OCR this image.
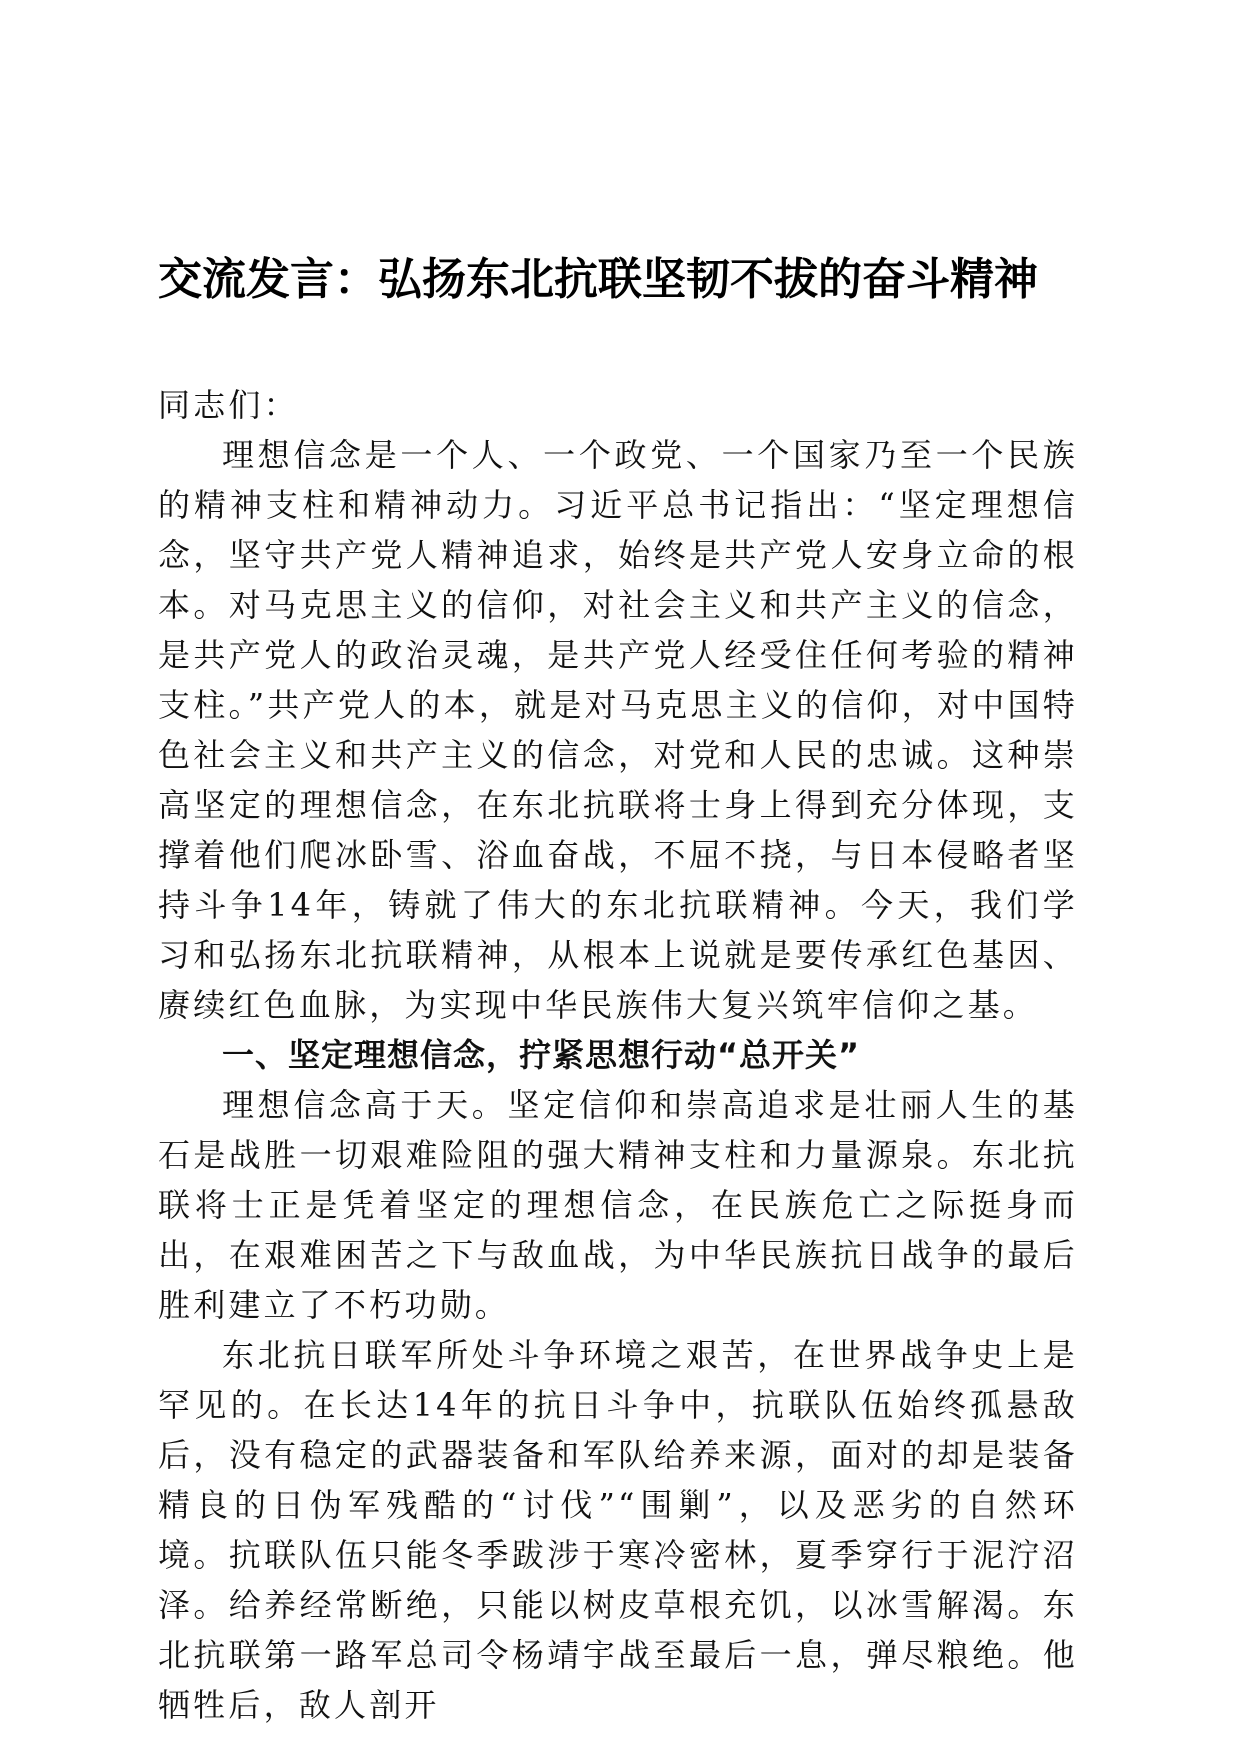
交流发言：弘扬东北抗联坚韧不拔的奋斗精神

同志们：

理想信念是一个人、一个政党、一个国家乃至一个民族的精神支柱和精神动力。习近平总书记指出：“坚定理想信念，坚守共产党人精神追求，始终是共产党人安身立命的根本。对马克思主义的信仰，对社会主义和共产主义的信念，是共产党人的政治灵魂，是共产党人经受住任何考验的精神支柱。”共产党人的本，就是对马克思主义的信仰，对中国特色社会主义和共产主义的信念，对党和人民的忠诚。这种崇高坚定的理想信念，在东北抗联将士身上得到充分体现，支撑着他们爬冰卧雪、浴血奋战，不屈不挠，与日本侵略者坚持斗争14年，铸就了伟大的东北抗联精神。今天，我们学习和弘扬东北抗联精神，从根本上说就是要传承红色基因、赓续红色血脉，为实现中华民族伟大复兴筑牢信仰之基。

一、坚定理想信念，拧紧思想行动“总开关”

理想信念高于天。坚定信仰和崇高追求是壮丽人生的基石是战胜一切艰难险阻的强大精神支柱和力量源泉。东北抗联将士正是凭着坚定的理想信念，在民族危亡之际挺身而出，在艰难困苦之下与敌血战，为中华民族抗日战争的最后胜利建立了不朽功勋。

东北抗日联军所处斗争环境之艰苦，在世界战争史上是罕见的。在长达14年的抗日斗争中，抗联队伍始终孤悬敌后，没有稳定的武器装备和军队给养来源，面对的却是装备精良的日伪军残酷的“讨伐”“围剿”，以及恶劣的自然环境。抗联队伍只能冬季跋涉于寒冷密林，夏季穿行于泥泞沼泽。给养经常断绝，只能以树皮草根充饥，以冰雪解渴。东北抗联第一路军总司令杨靖宇战至最后一息，弹尽粮绝。他牺牲后，敌人剖开
